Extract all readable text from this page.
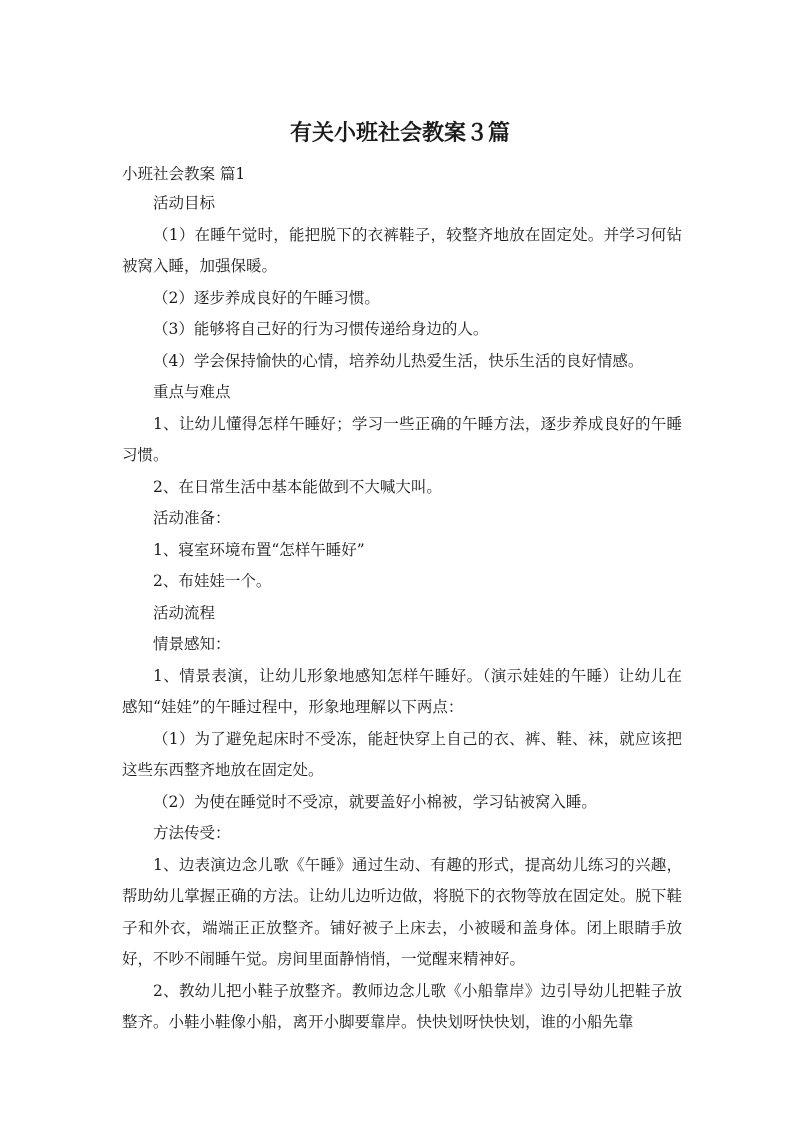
有关小班社会教案３篇
小班社会教案 篇1

活动目标

（1）在睡午觉时，能把脱下的衣裤鞋子，较整齐地放在固定处。并学习何钻被窝入睡，加强保暖。

（2）逐步养成良好的午睡习惯。

（3）能够将自己好的行为习惯传递给身边的人。

（4）学会保持愉快的心情，培养幼儿热爱生活，快乐生活的良好情感。

重点与难点

1、让幼儿懂得怎样午睡好；学习一些正确的午睡方法，逐步养成良好的午睡习惯。

2、在日常生活中基本能做到不大喊大叫。

活动准备：

1、寝室环境布置“怎样午睡好”

2、布娃娃一个。

活动流程

情景感知：

1、情景表演，让幼儿形象地感知怎样午睡好。（演示娃娃的午睡）让幼儿在感知“娃娃”的午睡过程中，形象地理解以下两点：

（1）为了避免起床时不受冻，能赶快穿上自己的衣、裤、鞋、袜，就应该把这些东西整齐地放在固定处。

（2）为使在睡觉时不受凉，就要盖好小棉被，学习钻被窝入睡。

方法传受：

1、边表演边念儿歌《午睡》通过生动、有趣的形式，提高幼儿练习的兴趣，帮助幼儿掌握正确的方法。让幼儿边听边做，将脱下的衣物等放在固定处。脱下鞋子和外衣，端端正正放整齐。铺好被子上床去，小被暖和盖身体。闭上眼睛手放好，不吵不闹睡午觉。房间里面静悄悄，一觉醒来精神好。

2、教幼儿把小鞋子放整齐。教师边念儿歌《小船靠岸》边引导幼儿把鞋子放整齐。小鞋小鞋像小船，离开小脚要靠岸。快快划呀快快划，谁的小船先靠
